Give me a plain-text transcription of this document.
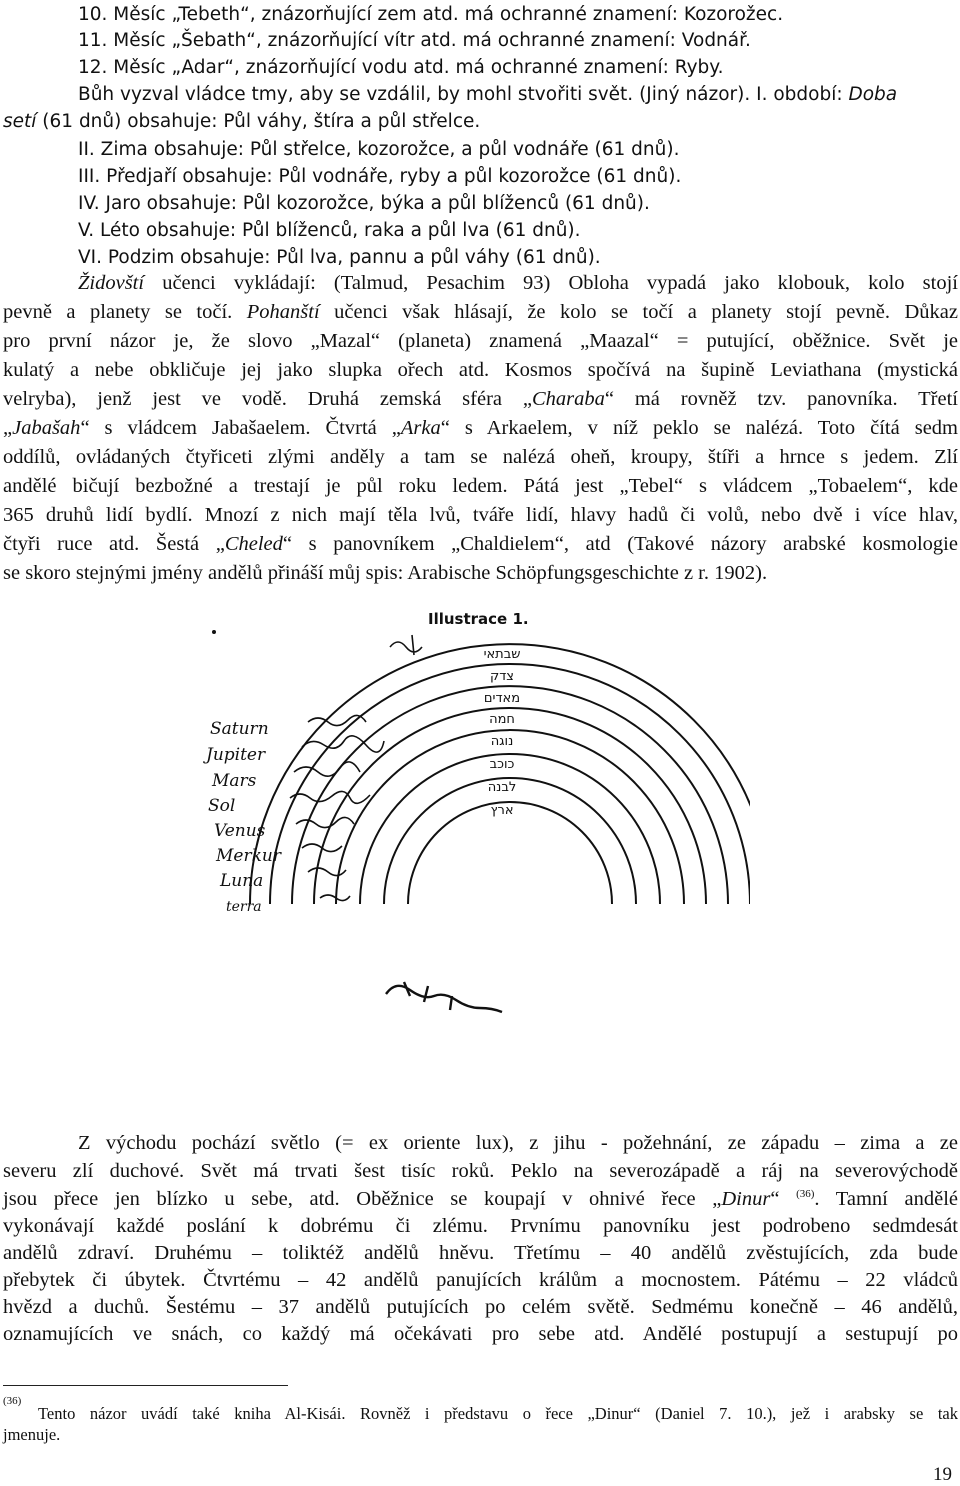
10. Měsíc „Tebeth“, znázorňující zem atd. má ochranné znamení: Kozorožec.
11. Měsíc „Šebath“, znázorňující vítr atd. má ochranné znamení: Vodnář.
12. Měsíc „Adar“, znázorňující vodu atd. má ochranné znamení: Ryby.
Bůh vyzval vládce tmy, aby se vzdálil, by mohl stvořiti svět. (Jiný názor). I. období: Doba
setí (61 dnů) obsahuje: Půl váhy, štíra a půl střelce.
II. Zima obsahuje: Půl střelce, kozorožce, a půl vodnáře (61 dnů).
III. Předjaří obsahuje: Půl vodnáře, ryby a půl kozorožce (61 dnů).
IV. Jaro obsahuje: Půl kozorožce, býka a půl blíženců (61 dnů).
V. Léto obsahuje: Půl blíženců, raka a půl lva (61 dnů).
VI. Podzim obsahuje: Půl lva, pannu a půl váhy (61 dnů).
Židovští učenci vykládají: (Talmud, Pesachim 93) Obloha vypadá jako klobouk, kolo stojí
pevně a planety se točí. Pohanští učenci však hlásají, že kolo se točí a planety stojí pevně. Důkaz
pro první názor je, že slovo „Mazal“ (planeta) znamená „Maazal“ = putující, oběžnice. Svět je
kulatý a nebe obkličuje jej jako slupka ořech atd. Kosmos spočívá na šupině Leviathana (mystická
velryba), jenž jest ve vodě. Druhá zemská sféra „Charaba“ má rovněž tzv. panovníka. Třetí
„Jabašah“ s vládcem Jabašaelem. Čtvrtá „Arka“ s Arkaelem, v níž peklo se nalézá. Toto čítá sedm
oddílů, ovládaných čtyřiceti zlými anděly a tam se nalézá oheň, kroupy, štíři a hrnce s jedem. Zlí
andělé bičují bezbožné a trestají je půl roku ledem. Pátá jest „Tebel“ s vládcem „Tobaelem“, kde
365 druhů lidí bydlí. Mnozí z nich mají těla lvů, tváře lidí, hlavy hadů či volů, nebo dvě i více hlav,
čtyři ruce atd. Šestá „Cheled“ s panovníkem „Chaldielem“, atd (Takové názory arabské kosmologie
se skoro stejnými jmény andělů přináší můj spis: Arabische Schöpfungsgeschichte z r. 1902).
Illustrace 1.
Saturn
Jupiter
Mars
Sol
Venus
Merkur
Luna
terra
שבתאי
צדק
מאדים
חמה
נוגה
כוכב
לבנה
ארץ
Z východu pochází světlo (= ex oriente lux), z jihu - požehnání, ze západu – zima a ze
severu zlí duchové. Svět má trvati šest tisíc roků. Peklo na severozápadě a ráj na severovýchodě
jsou přece jen blízko u sebe, atd. Oběžnice se koupají v ohnivé řece „Dinur“ $^{(36)}$. Tamní andělé
vykonávají každé poslání k dobrému či zlému. Prvnímu panovníku jest podrobeno sedmdesát
andělů zdraví. Druhému – toliktéž andělů hněvu. Třetímu – 40 andělů zvěstujících, zda bude
přebytek či úbytek. Čtvrtému – 42 andělů panujících králům a mocnostem. Pátému – 22 vládců
hvězd a duchů. Šestému – 37 andělů putujících po celém světě. Sedmému konečně – 46 andělů,
oznamujících ve snách, co každý má očekávati pro sebe atd. Andělé postupují a sestupují po
$^{(36)}$
Tento názor uvádí také kniha Al-Kisái. Rovněž i představu o řece „Dinur“ (Daniel 7. 10.), jež i arabsky se tak
jmenuje.
19
